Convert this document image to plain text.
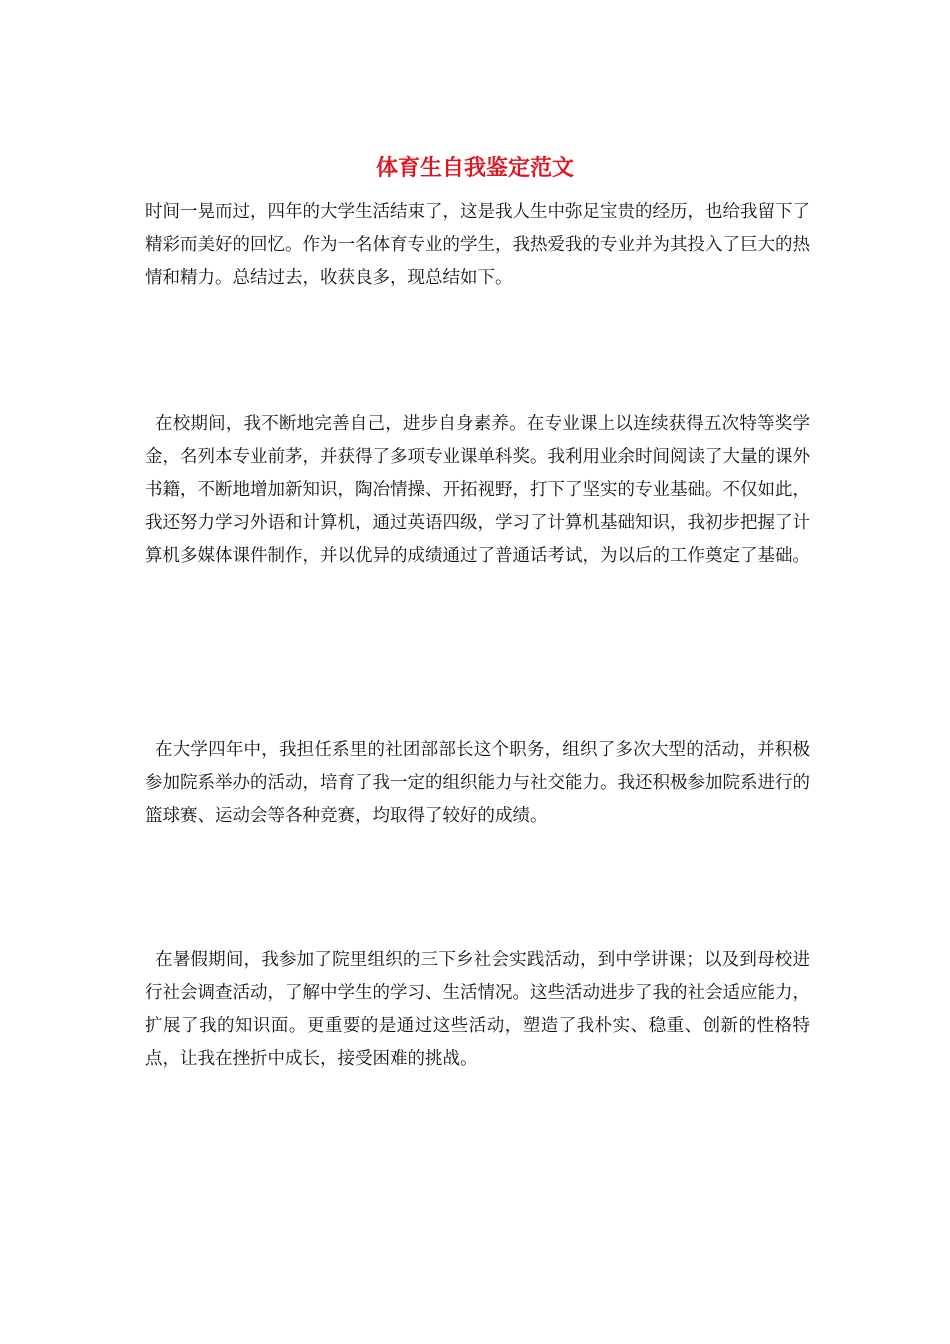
体育生自我鉴定范文

时间一晃而过，四年的大学生活结束了，这是我人生中弥足宝贵的经历，也给我留下了精彩而美好的回忆。作为一名体育专业的学生，我热爱我的专业并为其投入了巨大的热情和精力。总结过去，收获良多，现总结如下。

在校期间，我不断地完善自己，进步自身素养。在专业课上以连续获得五次特等奖学金，名列本专业前茅，并获得了多项专业课单科奖。我利用业余时间阅读了大量的课外书籍，不断地增加新知识，陶冶情操、开拓视野，打下了坚实的专业基础。不仅如此，我还努力学习外语和计算机，通过英语四级，学习了计算机基础知识，我初步把握了计算机多媒体课件制作，并以优异的成绩通过了普通话考试，为以后的工作奠定了基础。

在大学四年中，我担任系里的社团部部长这个职务，组织了多次大型的活动，并积极参加院系举办的活动，培育了我一定的组织能力与社交能力。我还积极参加院系进行的篮球赛、运动会等各种竞赛，均取得了较好的成绩。

在暑假期间，我参加了院里组织的三下乡社会实践活动，到中学讲课；以及到母校进行社会调查活动，了解中学生的学习、生活情况。这些活动进步了我的社会适应能力，扩展了我的知识面。更重要的是通过这些活动，塑造了我朴实、稳重、创新的性格特点，让我在挫折中成长，接受困难的挑战。
